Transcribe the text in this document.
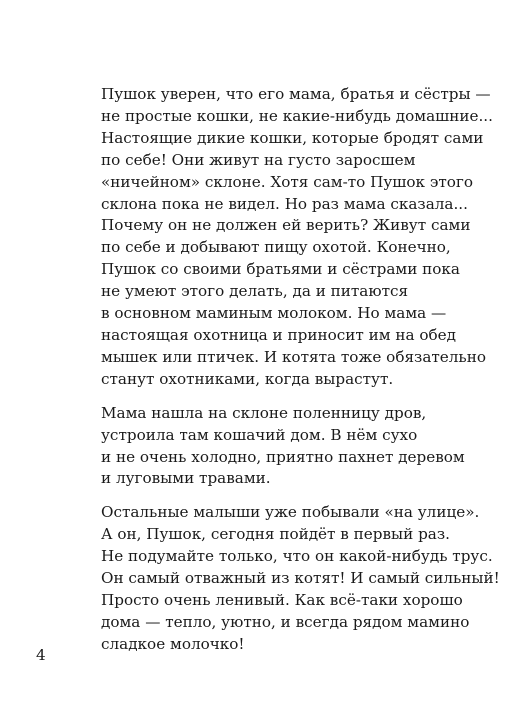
Пушок уверен, что его мама, братья и сёстры —
не простые кошки, не какие-нибудь домашние...
Настоящие дикие кошки, которые бродят сами
по себе! Они живут на густо заросшем
«ничейном» склоне. Хотя сам-то Пушок этого
склона пока не видел. Но раз мама сказала...
Почему он не должен ей верить? Живут сами
по себе и добывают пищу охотой. Конечно,
Пушок со своими братьями и сёстрами пока
не умеют этого делать, да и питаются
в основном маминым молоком. Но мама —
настоящая охотница и приносит им на обед
мышек или птичек. И котята тоже обязательно
станут охотниками, когда вырастут.

Мама нашла на склоне поленницу дров,
устроила там кошачий дом. В нём сухо
и не очень холодно, приятно пахнет деревом
и луговыми травами.

Остальные малыши уже побывали «на улице».
А он, Пушок, сегодня пойдёт в первый раз.
Не подумайте только, что он какой-нибудь трус.
Он самый отважный из котят! И самый сильный!
Просто очень ленивый. Как всё-таки хорошо
дома — тепло, уютно, и всегда рядом мамино
сладкое молочко!

4
